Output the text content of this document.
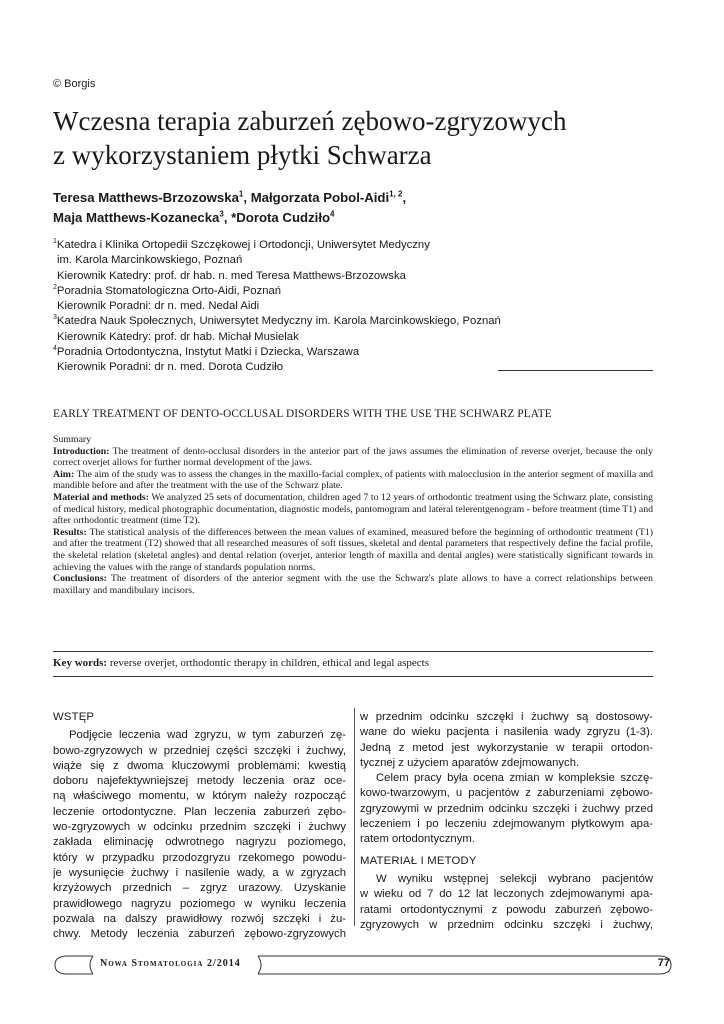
© Borgis
Wczesna terapia zaburzeń zębowo-zgryzowych
z wykorzystaniem płytki Schwarza
Teresa Matthews-Brzozowska$^1$, Małgorzata Pobol-Aidi$^{1, 2}$,
Maja Matthews-Kozanecka$^3$, *Dorota Cudziło$^4$
$^1$Katedra i Klinika Ortopedii Szczękowej i Ortodoncji, Uniwersytet Medyczny
im. Karola Marcinkowskiego, Poznań
Kierownik Katedry: prof. dr hab. n. med Teresa Matthews-Brzozowska
$^2$Poradnia Stomatologiczna Orto-Aidi, Poznań
Kierownik Poradni: dr n. med. Nedal Aidi
$^3$Katedra Nauk Społecznych, Uniwersytet Medyczny im. Karola Marcinkowskiego, Poznań
Kierownik Katedry: prof. dr hab. Michał Musielak
$^4$Poradnia Ortodontyczna, Instytut Matki i Dziecka, Warszawa
Kierownik Poradni: dr n. med. Dorota Cudziło
EARLY TREATMENT OF DENTO-OCCLUSAL DISORDERS WITH THE USE THE SCHWARZ PLATE

Summary

Introduction: The treatment of dento-occlusal disorders in the anterior part of the jaws assumes the elimination of reverse overjet, because the only correct overjet allows for further normal development of the jaws.

Aim: The aim of the study was to assess the changes in the maxillo-facial complex, of patients with malocclusion in the anterior segment of maxilla and mandible before and after the treatment with the use of the Schwarz plate.

Material and methods: We analyzed 25 sets of documentation, children aged 7 to 12 years of orthodontic treatment using the Schwarz plate, consisting of medical history, medical photographic documentation, diagnostic models, pantomogram and lateral telerentgenogram - before treatment (time T1) and after orthodontic treatment (time T2).

Results: The statistical analysis of the differences between the mean values of examined, measured before the beginning of orthodontic treatment (T1) and after the treatment (T2) showed that all researched measures of soft tissues, skeletal and dental parameters that respectively define the facial profile, the skeletal relation (skeletal angles) and dental relation (overjet, anterior length of maxilla and dental angles) were statistically significant towards in achieving the values with the range of standards population norms.

Conclusions: The treatment of disorders of the anterior segment with the use the Schwarz's plate allows to have a correct relationships between maxillary and mandibulary incisors.

Key words: reverse overjet, orthodontic therapy in children, ethical and legal aspects
WSTĘP
Podjęcie leczenia wad zgryzu, w tym zaburzeń zę-
bowo-zgryzowych w przedniej części szczęki i żuchwy,
wiąże się z dwoma kluczowymi problemami: kwestią
doboru najefektywniejszej metody leczenia oraz oce-
ną właściwego momentu, w którym należy rozpocząć
leczenie ortodontyczne. Plan leczenia zaburzeń zębo-
wo-zgryzowych w odcinku przednim szczęki i żuchwy
zakłada eliminację odwrotnego nagryzu poziomego,
który w przypadku przodozgryzu rzekomego powodu-
je wysunięcie żuchwy i nasilenie wady, a w zgryzach
krzyżowych przednich – zgryz urazowy. Uzyskanie
prawidłowego nagryzu poziomego w wyniku leczenia
pozwala na dalszy prawidłowy rozwój szczęki i żu-
chwy. Metody leczenia zaburzeń zębowo-zgryzowych
w przednim odcinku szczęki i żuchwy są dostosowy-
wane do wieku pacjenta i nasilenia wady zgryzu (1-3).
Jedną z metod jest wykorzystanie w terapii ortodon-
tycznej z użyciem aparatów zdejmowanych.
Celem pracy była ocena zmian w kompleksie szczę-
kowo-twarzowym, u pacjentów z zaburzeniami zębowo-
zgryzowymi w przednim odcinku szczęki i żuchwy przed
leczeniem i po leczeniu zdejmowanym płytkowym apa-
ratem ortodontycznym.
MATERIAŁ I METODY
W wyniku wstępnej selekcji wybrano pacjentów
w wieku od 7 do 12 lat leczonych zdejmowanymi apa-
ratami ortodontycznymi z powodu zaburzeń zębowo-
zgryzowych w przednim odcinku szczęki i żuchwy,
Nowa Stomatologia 2/2014	77
